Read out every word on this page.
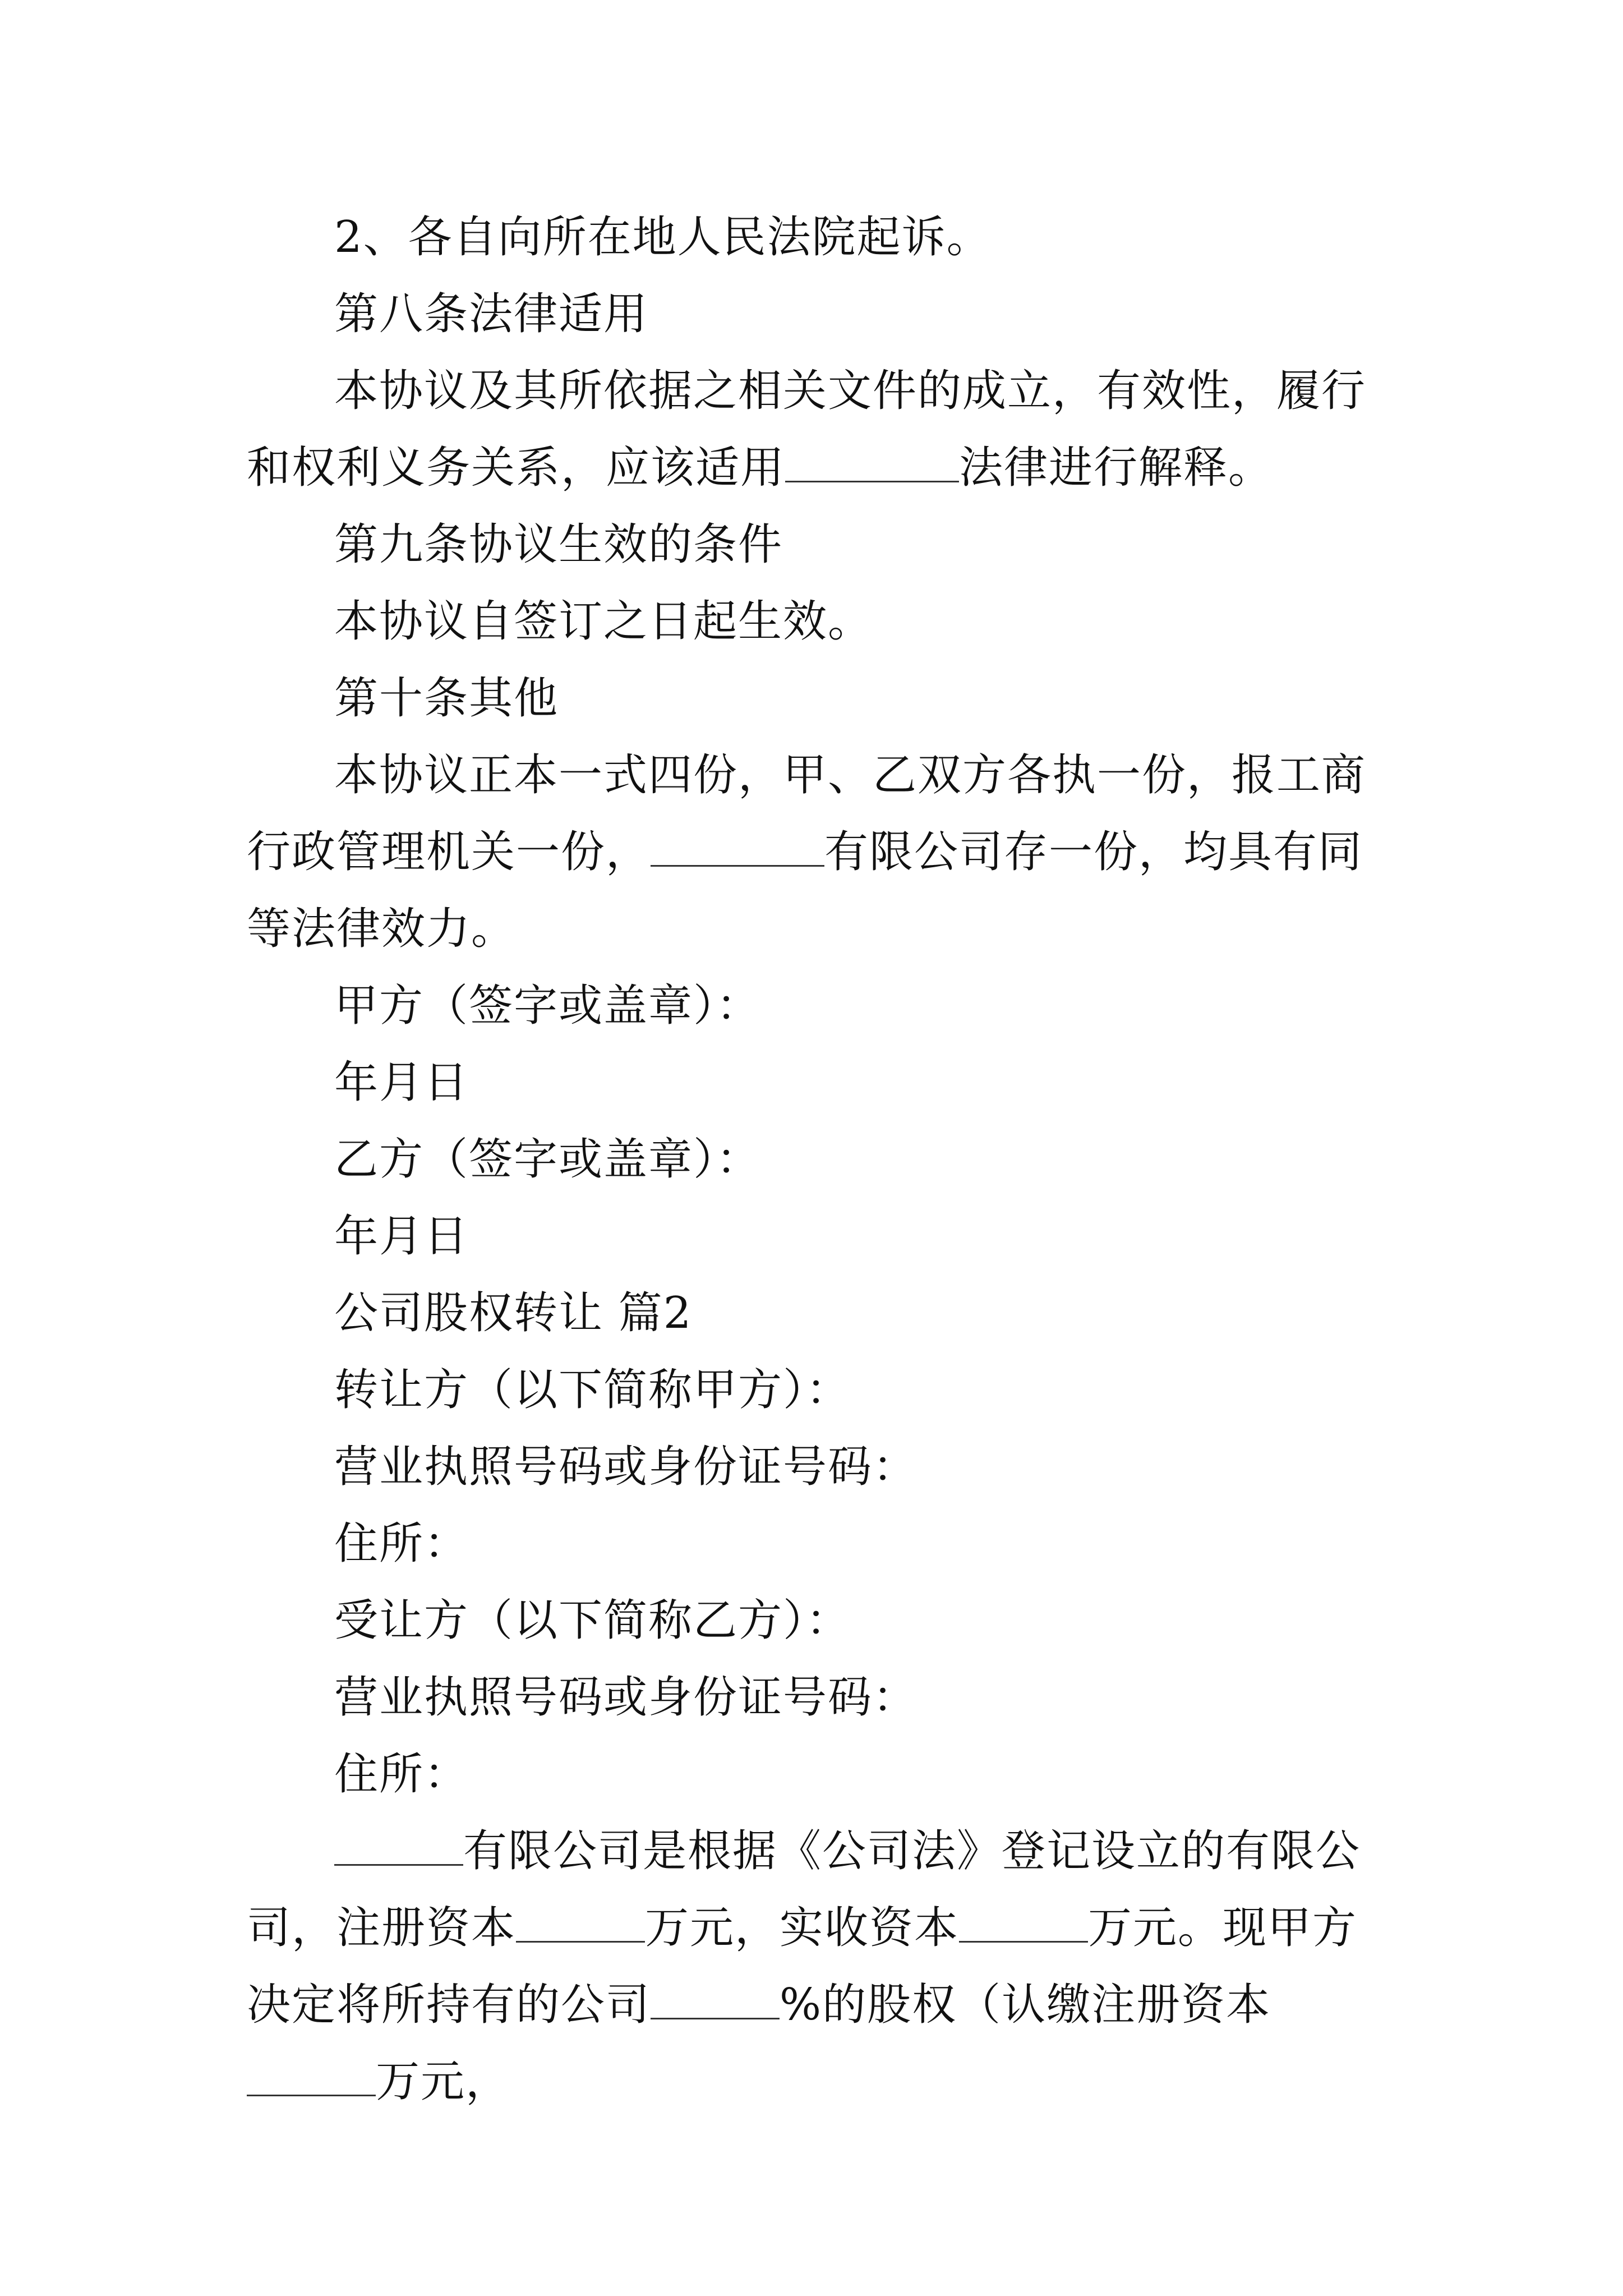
2、各自向所在地人民法院起诉。

第八条法律适用

本协议及其所依据之相关文件的成立，有效性，履行和权利义务关系，应该适用	法律进行解释。

第九条协议生效的条件

本协议自签订之日起生效。

第十条其他

本协议正本一式四份，甲、乙双方各执一份，报工商行政管理机关一份，	有限公司存一份，均具有同等法律效力。

甲方（签字或盖章）：

年月日

乙方（签字或盖章）：

年月日

公司股权转让 篇2

转让方（以下简称甲方）：

营业执照号码或身份证号码：

住所：

受让方（以下简称乙方）：

营业执照号码或身份证号码：

住所：

有限公司是根据《公司法》登记设立的有限公司，注册资本	万元，实收资本	万元。现甲方决定将所持有的公司	%的股权（认缴注册资本万元，
